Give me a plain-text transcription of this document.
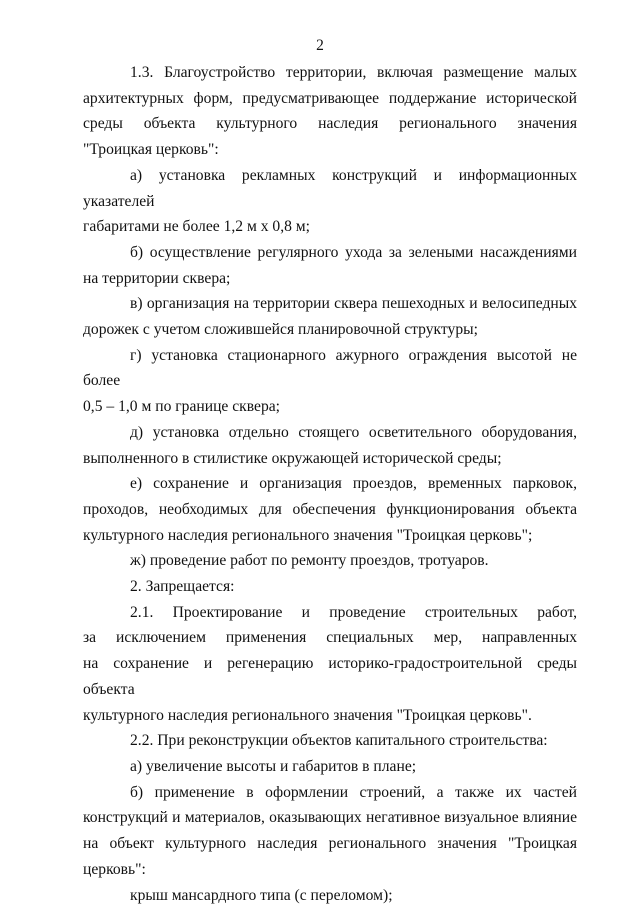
2
1.3. Благоустройство территории, включая размещение малых
архитектурных форм, предусматривающее поддержание исторической
среды объекта культурного наследия регионального значения
"Троицкая церковь":
а) установка рекламных конструкций и информационных указателей
габаритами не более 1,2 м х 0,8 м;
б) осуществление регулярного ухода за зелеными насаждениями
на территории сквера;
в) организация на территории сквера пешеходных и велосипедных
дорожек с учетом сложившейся планировочной структуры;
г) установка стационарного ажурного ограждения высотой не более
0,5 – 1,0 м по границе сквера;
д) установка отдельно стоящего осветительного оборудования,
выполненного в стилистике окружающей исторической среды;
е) сохранение и организация проездов, временных парковок,
проходов, необходимых для обеспечения функционирования объекта
культурного наследия регионального значения "Троицкая церковь";
ж) проведение работ по ремонту проездов, тротуаров.
2. Запрещается:
2.1. Проектирование и проведение строительных работ,
за исключением применения специальных мер, направленных
на сохранение и регенерацию историко-градостроительной среды объекта
культурного наследия регионального значения "Троицкая церковь".
2.2. При реконструкции объектов капитального строительства:
а) увеличение высоты и габаритов в плане;
б) применение в оформлении строений, а также их частей
конструкций и материалов, оказывающих негативное визуальное влияние
на объект культурного наследия регионального значения "Троицкая
церковь":
крыш мансардного типа (с переломом);
